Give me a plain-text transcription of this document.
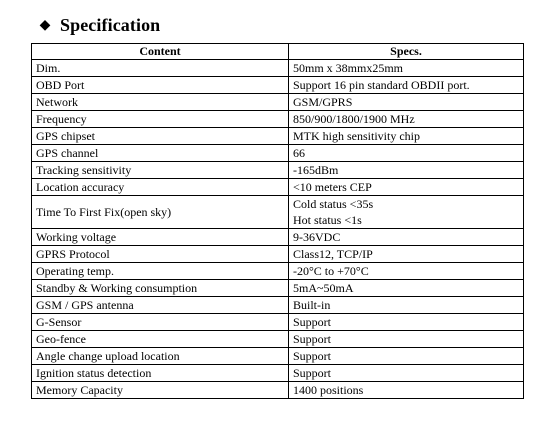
◆ Specification
Content	Specs.
Dim.	50mm x 38mmx25mm
OBD Port	Support 16 pin standard OBDII port.
Network	GSM/GPRS
Frequency	850/900/1800/1900 MHz
GPS chipset	MTK high sensitivity chip
GPS channel	66
Tracking sensitivity	-165dBm
Location accuracy	<10 meters CEP
Time To First Fix(open sky)	Cold status <35s
Hot status <1s

Working voltage	9-36VDC
GPRS Protocol	Class12, TCP/IP
Operating temp.	-20°C to +70°C
Standby & Working consumption	5mA~50mA
GSM / GPS antenna	Built-in
G-Sensor	Support
Geo-fence	Support
Angle change upload location	Support
Ignition status detection	Support
Memory Capacity	1400 positions
